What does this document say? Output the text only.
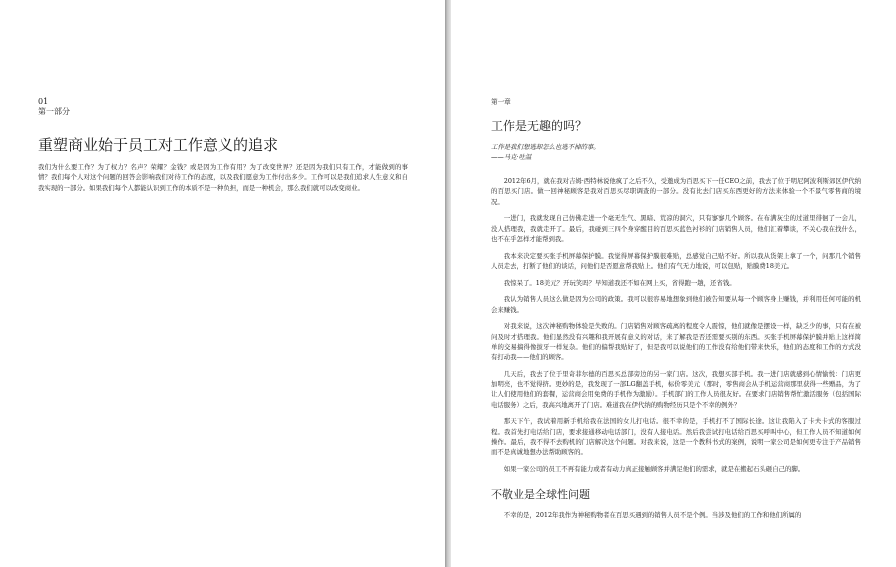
01
第一部分
重塑商业始于员工对工作意义的追求

我们为什么要工作？为了权力？名声？荣耀？金钱？或是因为工作有用？为了改变世界？还是因为我们只有工作，才能做到的事情？我们每个人对这个问题的回答会影响我们对待工作的态度，以及我们愿意为工作付出多少。工作可以是我们追求人生意义和自我实现的一部分。如果我们每个人都能认识到工作的本质不是一种负担，而是一种机会，那么我们就可以改变商业。

第一章
工作是无趣的吗？
工作是我们想逃却怎么也逃不掉的事。
——马克·吐温

2012年6月，就在我对吉姆·西特林说他疯了之后不久，受邀成为百思买下一任CEO之前，我去了位于明尼阿波利斯郊区伊代纳的百思买门店。做一回神秘顾客是我对百思买尽职调查的一部分。没有比去门店买东西更好的方法来体验一个不景气零售商的境况。

一进门，我就发现自己仿佛走进一个毫无生气、黑暗、荒凉的洞穴，只有寥寥几个顾客。在布满灰尘的过道里徘徊了一会儿，没人搭理我，我就走开了。最后，我碰到三四个身穿醒目的百思买蓝色衬衫的门店销售人员，他们汇着攀谈，不关心我在找什么，也不在乎怎样才能帮到我。

我本来决定要买张手机屏幕保护膜。我觉得屏幕保护膜很难贴，总感觉自己贴不好。所以我从货架上拿了一个，问那几个销售人员走去，打断了他们的谈话，问他们是否愿意帮我贴上。他们有气无力地说，可以包贴，贴膜费18美元。

我惊呆了。18美元？开玩笑吗？早知道我还不如在网上买，省得跑一趟，还省钱。

我认为销售人员这么做是因为公司的政策。我可以很容易地想象到他们被告知要从每一个顾客身上赚钱，并利用任何可能的机会来赚钱。

对我来说，这次神秘购物体验是失败的。门店销售对顾客疏离的程度令人震惊，他们就像是摆设一样，缺乏少的事，只有在被问及时才搭理我。他们显然没有兴趣和我开展有意义的对话，来了解我是否还需要买别的东西。买张手机屏幕保护膜并贴上这样简单的交易搞得像拔牙一样复杂。他们的偏帮我贴好了，但是我可以说他们的工作没有给他们带来快乐，他们的态度和工作的方式没有打动我——他们的顾客。

几天后，我去了位于里奇菲尔德的百思买总部旁边的另一家门店。这次，我想买部手机。我一进门店就感到心情愉悦：门店更加明亮，也不觉得挤。更妙的是，我发现了一部LG翻盖手机，标价零美元（那时，零售商会从手机运营商那里获得一些赠品，为了让人们使用他们的套餐，运营商会用免费的手机作为激励）。手机部门的工作人员很友好。在要求门店销售帮忙激活服务（包括国际电话服务）之后，我高兴地离开了门店。难道我在伊代纳的购物经历只是个不幸的例外？

那天下午，我试着用新手机给我在法国的女儿打电话。很不幸的是，手机打不了国际长途。这让我陷入了卡夫卡式的客服过程。我首先打电话给门店，要求接通移动电话部门，没有人接电话。然后我尝试打电话给百思买呼叫中心，但工作人员不知道如何操作。最后，我不得不去购机的门店解决这个问题。对我来说，这是一个教科书式的案例，说明一家公司是如何更专注于产品销售而不是真诚地想办法帮助顾客的。

如果一家公司的员工不再有能力或者有动力真正接触顾客并满足他们的需求，就是在搬起石头砸自己的脚。

不敬业是全球性问题

不幸的是，2012年我作为神秘购物者在百思买遇到的销售人员不是个例。当涉及他们的工作和他们所属的
